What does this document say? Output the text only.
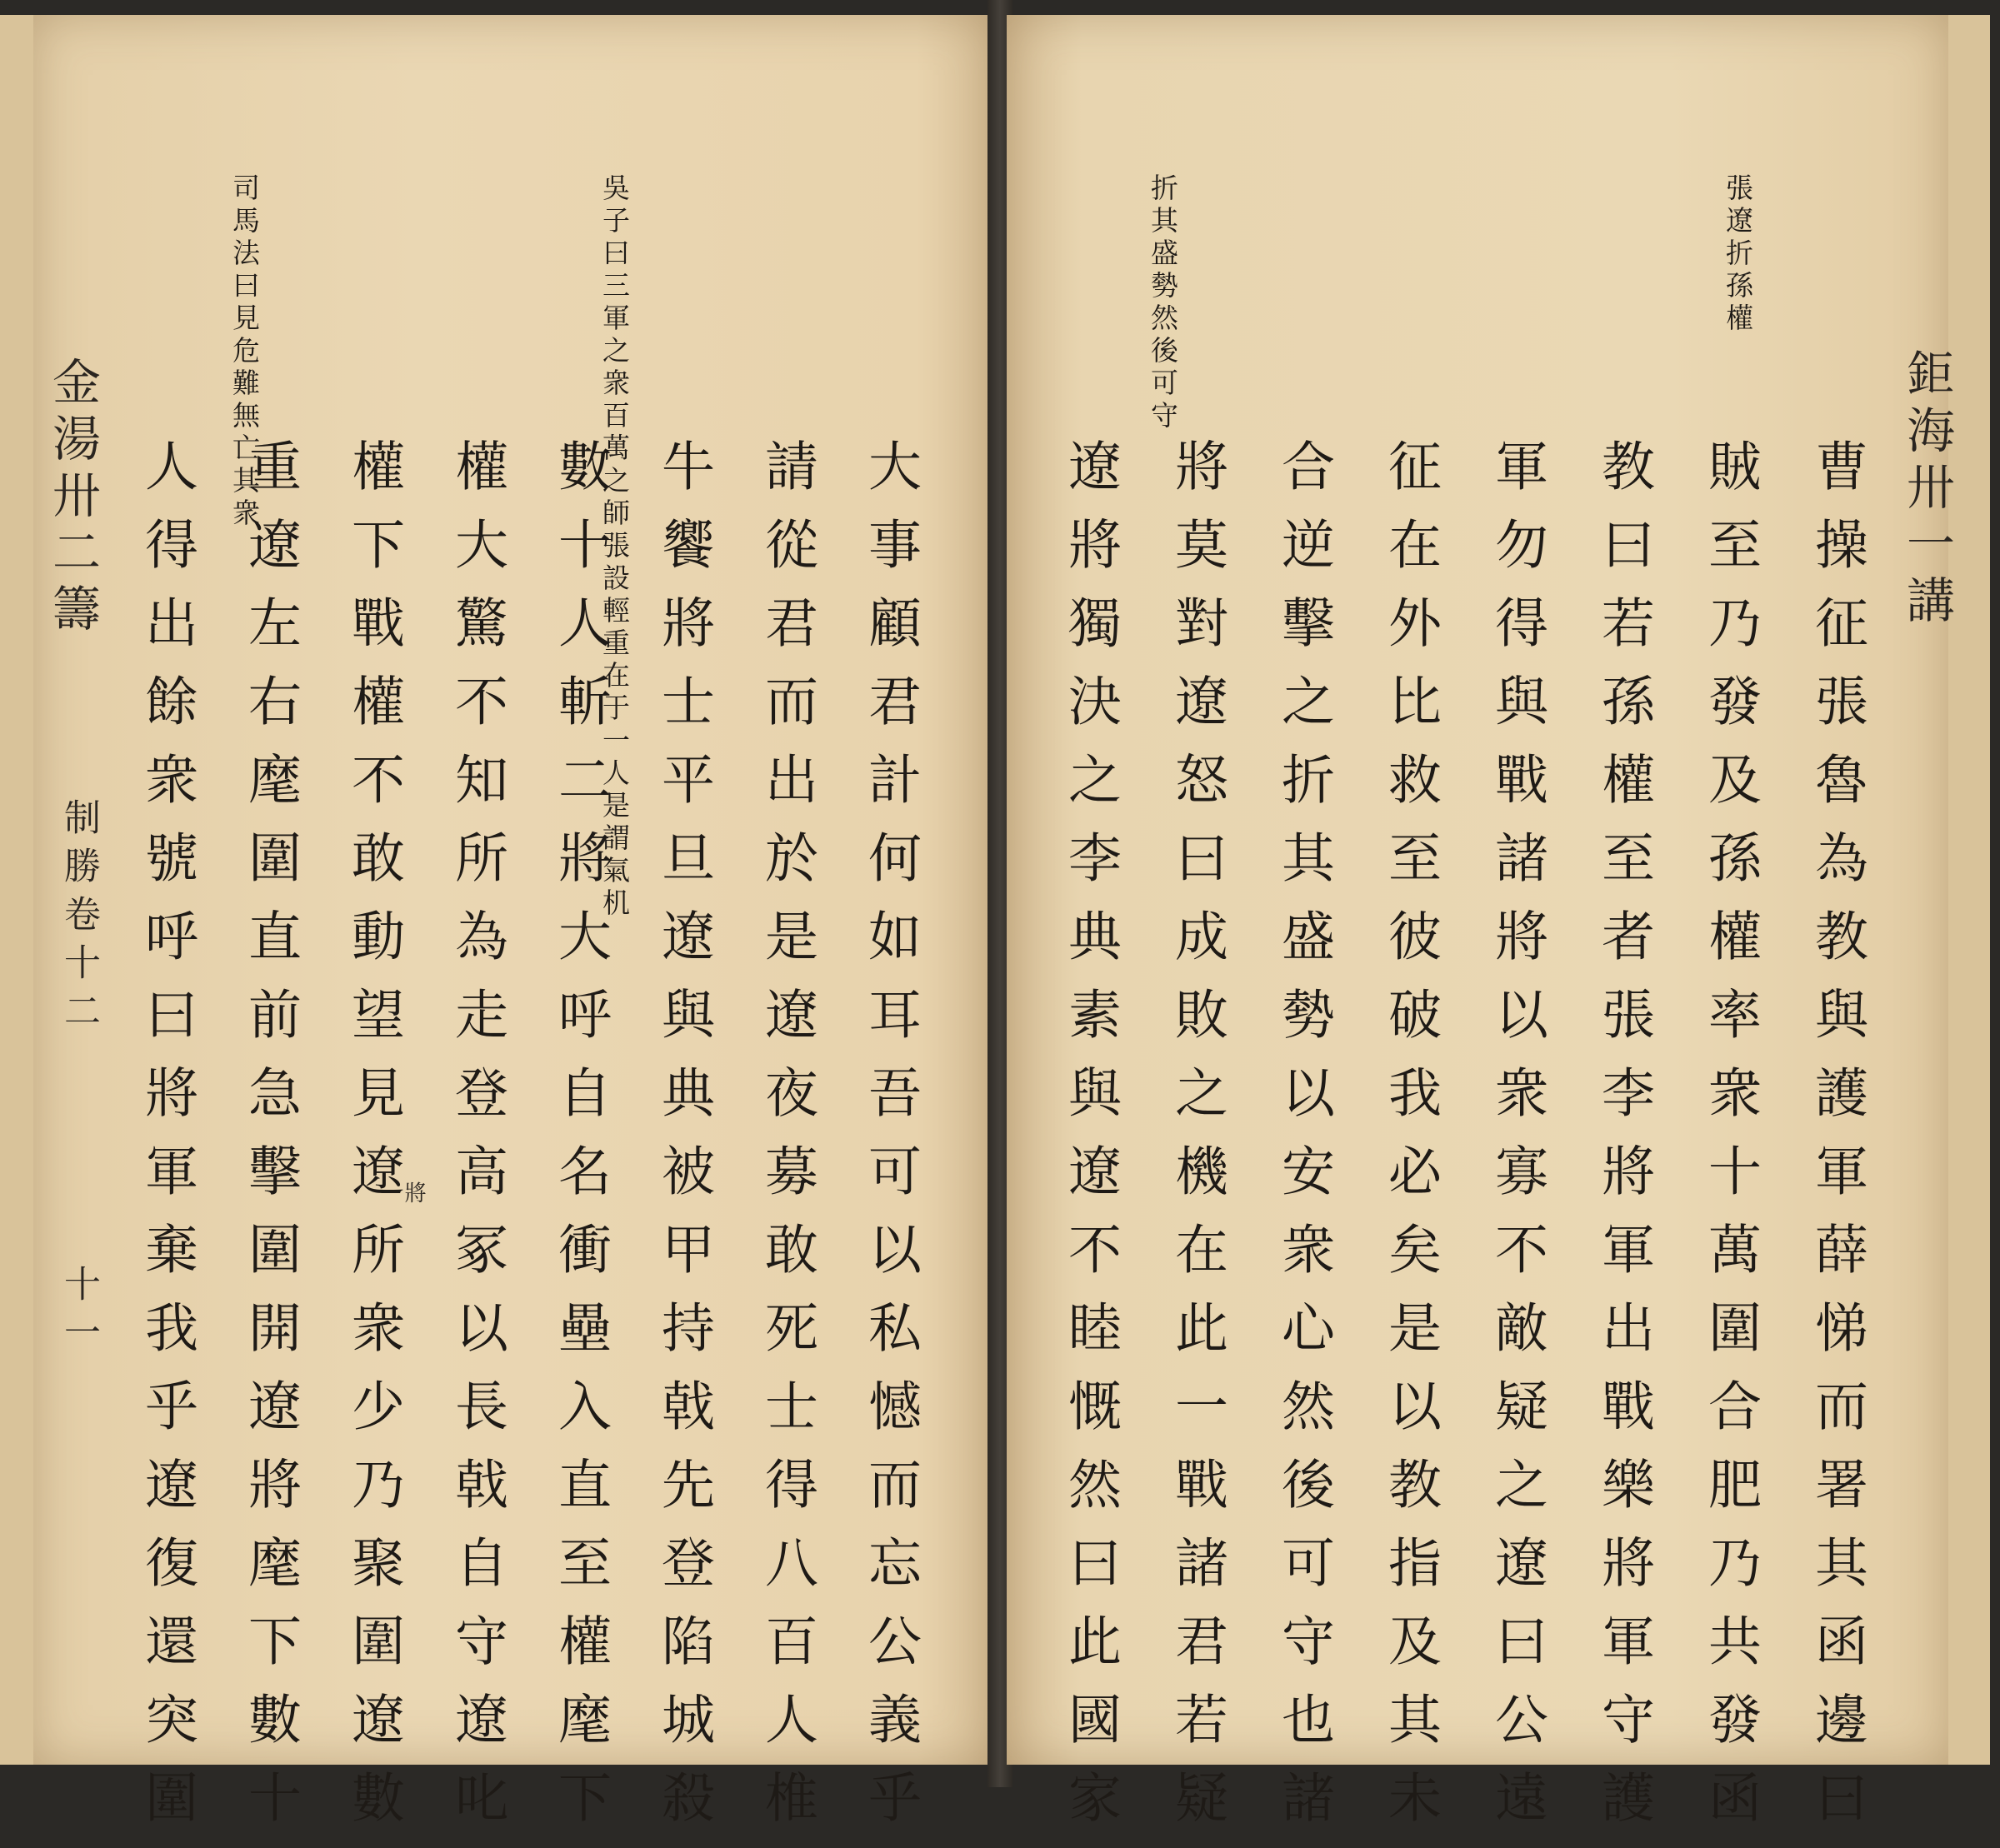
金湯卅二籌
制勝卷十二
十一
司馬法曰見危難無亡其衆	吳子曰三軍之衆百萬之師張設輕重在于一人是謂氣机
人得出餘衆號呼曰將軍棄我乎遼復還突圍 重遼左右麾圍直前急擊圍開遼將麾下數十 權下戰權不敢動望見遼所衆少乃聚圍遼數 權大驚不知所為走登高冢以長戟自守遼叱 數十人斬二將大呼自名衝壘入直至權麾下 牛饗將士平旦遼與典被甲持戟先登陷城殺 請從君而出於是遼夜募敢死士得八百人椎 大事顧君計何如耳吾可以私憾而忘公義乎
將
折其盛勢然後可守	張遼折孫權
遼將獨決之李典素與遼不睦慨然曰此國家 將莫對遼怒曰成敗之機在此一戰諸君若疑 合逆擊之折其盛勢以安衆心然後可守也諸 征在外比救至彼破我必矣是以教指及其未 軍勿得與戰諸將以衆寡不敵疑之遼曰公遠 教曰若孫權至者張李將軍出戰樂將軍守護 賊至乃發及孫權率衆十萬圍合肥乃共發函 曹操征張魯為教與護軍薛悌而署其函邊曰 鉅海卅一講
